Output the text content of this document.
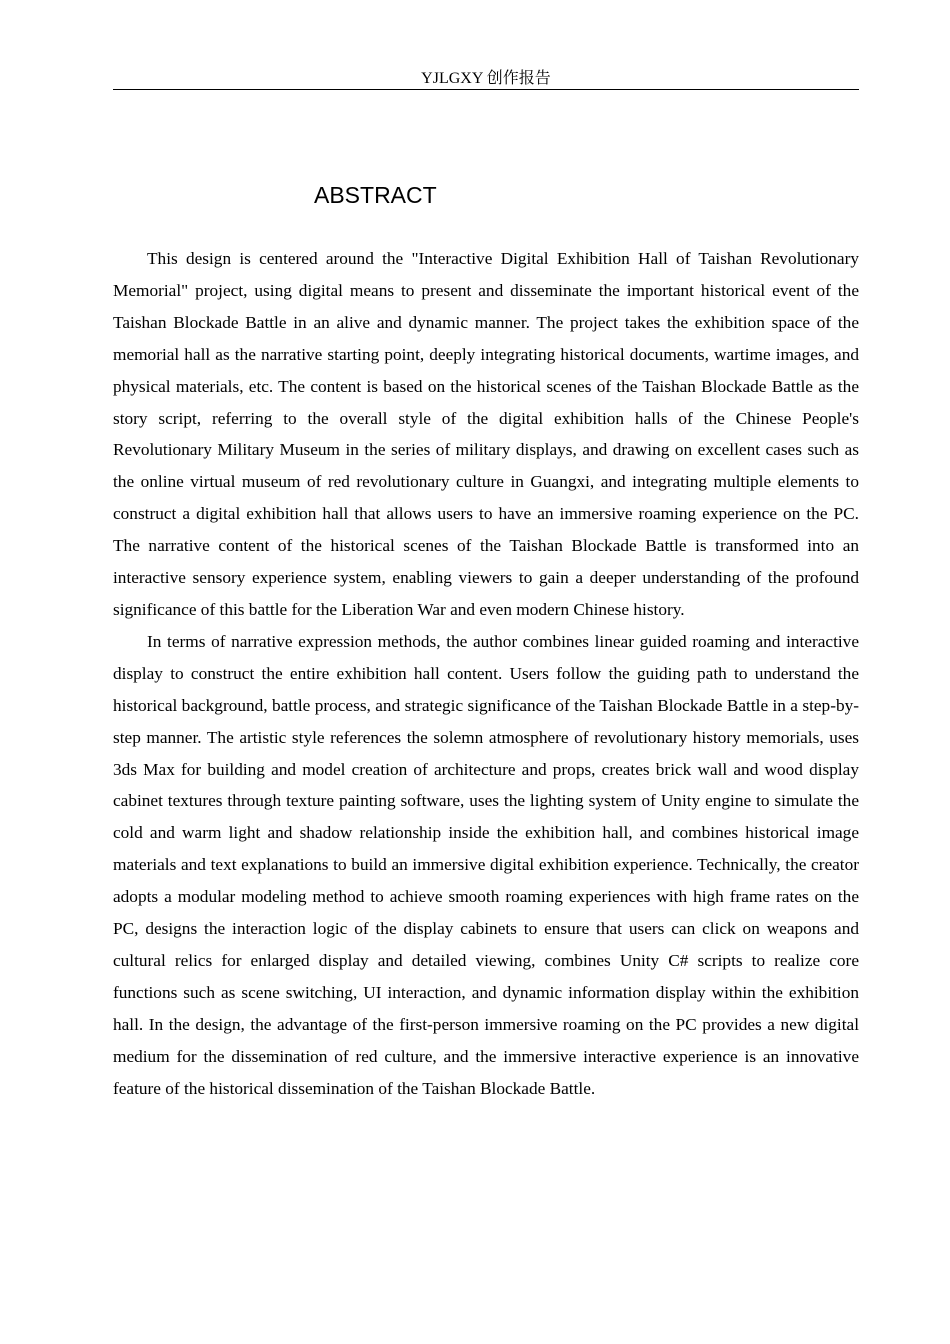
YJLGXY 创作报告
ABSTRACT

This design is centered around the "Interactive Digital Exhibition Hall of Taishan Revolutionary Memorial" project, using digital means to present and disseminate the important historical event of the Taishan Blockade Battle in an alive and dynamic manner. The project takes the exhibition space of the memorial hall as the narrative starting point, deeply integrating historical documents, wartime images, and physical materials, etc. The content is based on the historical scenes of the Taishan Blockade Battle as the story script, referring to the overall style of the digital exhibition halls of the Chinese People's Revolutionary Military Museum in the series of military displays, and drawing on excellent cases such as the online virtual museum of red revolutionary culture in Guangxi, and integrating multiple elements to construct a digital exhibition hall that allows users to have an immersive roaming experience on the PC. The narrative content of the historical scenes of the Taishan Blockade Battle is transformed into an interactive sensory experience system, enabling viewers to gain a deeper understanding of the profound significance of this battle for the Liberation War and even modern Chinese history.

In terms of narrative expression methods, the author combines linear guided roaming and interactive display to construct the entire exhibition hall content. Users follow the guiding path to understand the historical background, battle process, and strategic significance of the Taishan Blockade Battle in a step-by-step manner. The artistic style references the solemn atmosphere of revolutionary history memorials, uses 3ds Max for building and model creation of architecture and props, creates brick wall and wood display cabinet textures through texture painting software, uses the lighting system of Unity engine to simulate the cold and warm light and shadow relationship inside the exhibition hall, and combines historical image materials and text explanations to build an immersive digital exhibition experience. Technically, the creator adopts a modular modeling method to achieve smooth roaming experiences with high frame rates on the PC, designs the interaction logic of the display cabinets to ensure that users can click on weapons and cultural relics for enlarged display and detailed viewing, combines Unity C# scripts to realize core functions such as scene switching, UI interaction, and dynamic information display within the exhibition hall. In the design, the advantage of the first-person immersive roaming on the PC provides a new digital medium for the dissemination of red culture, and the immersive interactive experience is an innovative feature of the historical dissemination of the Taishan Blockade Battle.
